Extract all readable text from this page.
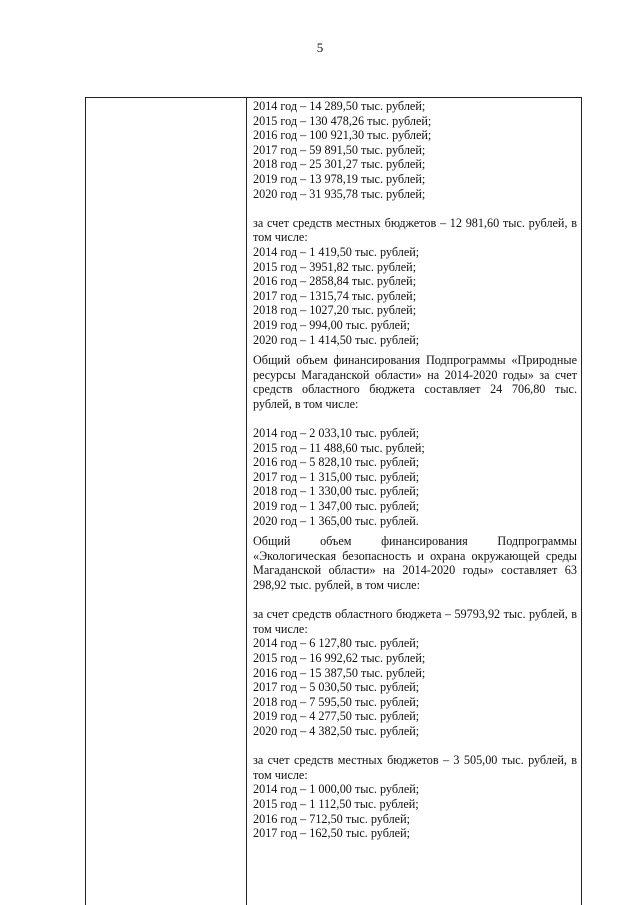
5
2014 год – 14 289,50 тыс. рублей;
2015 год – 130 478,26 тыс. рублей;
2016 год – 100 921,30 тыс. рублей;
2017 год – 59 891,50 тыс. рублей;
2018 год – 25 301,27 тыс. рублей;
2019 год – 13 978,19 тыс. рублей;
2020 год – 31 935,78 тыс. рублей;
за счет средств местных бюджетов – 12 981,60 тыс. рублей, в том числе:
2014 год – 1 419,50 тыс. рублей;
2015 год – 3951,82 тыс. рублей;
2016 год – 2858,84 тыс. рублей;
2017 год – 1315,74 тыс. рублей;
2018 год – 1027,20 тыс. рублей;
2019 год – 994,00 тыс. рублей;
2020 год – 1 414,50 тыс. рублей;
Общий объем финансирования Подпрограммы «Природные ресурсы Магаданской области» на 2014-2020 годы» за счет средств областного бюджета составляет 24 706,80 тыс. рублей, в том числе:
2014 год – 2 033,10 тыс. рублей;
2015 год – 11 488,60 тыс. рублей;
2016 год – 5 828,10 тыс. рублей;
2017 год – 1 315,00 тыс. рублей;
2018 год – 1 330,00 тыс. рублей;
2019 год – 1 347,00 тыс. рублей;
2020 год – 1 365,00 тыс. рублей.
Общий объем финансирования Подпрограммы
«Экологическая безопасность и охрана окружающей среды Магаданской области» на 2014-2020 годы» составляет 63 298,92 тыс. рублей, в том числе:
за счет средств областного бюджета – 59793,92 тыс. рублей, в том числе:
2014 год – 6 127,80 тыс. рублей;
2015 год – 16 992,62 тыс. рублей;
2016 год – 15 387,50 тыс. рублей;
2017 год – 5 030,50 тыс. рублей;
2018 год – 7 595,50 тыс. рублей;
2019 год – 4 277,50 тыс. рублей;
2020 год – 4 382,50 тыс. рублей;
за счет средств местных бюджетов – 3 505,00 тыс. рублей, в том числе:
2014 год – 1 000,00 тыс. рублей;
2015 год – 1 112,50 тыс. рублей;
2016 год – 712,50 тыс. рублей;
2017 год – 162,50 тыс. рублей;
